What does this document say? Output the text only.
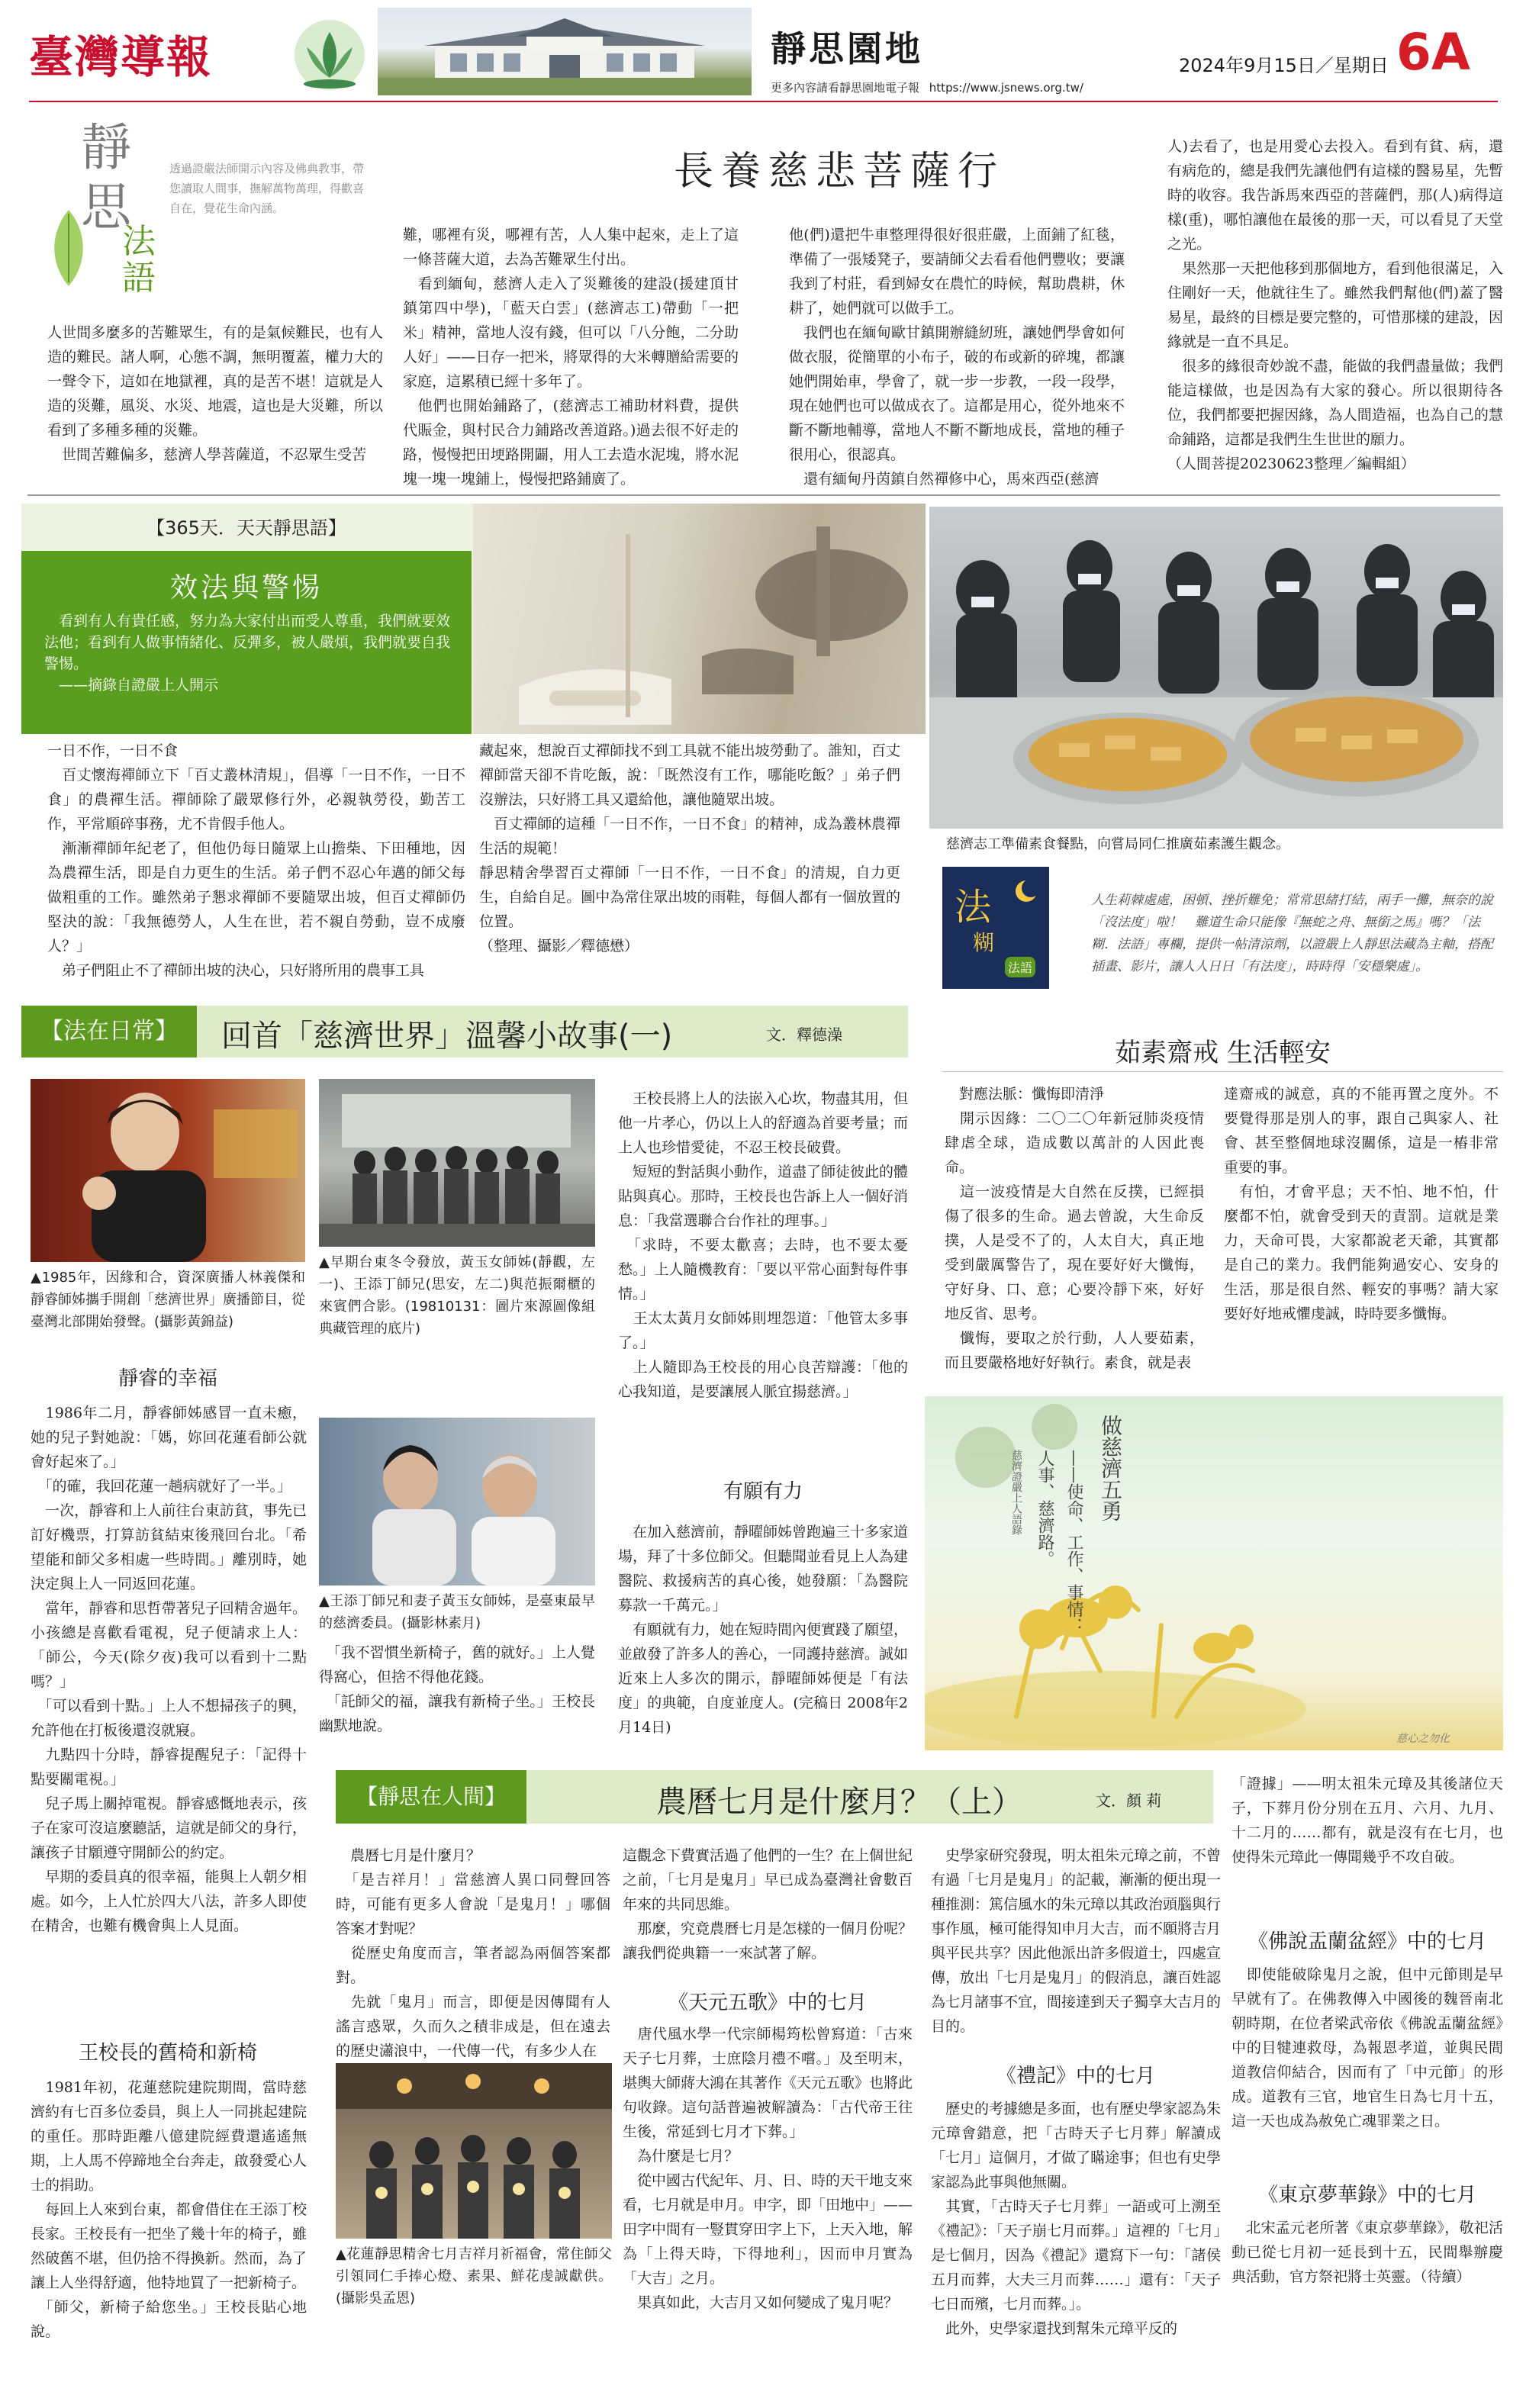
臺灣導報	靜思園地
更多內容請看靜思園地電子報 https://www.jsnews.org.tw/
2024年9月15日／星期日 6A
靜
思
法
語
透過證嚴法師開示內容及佛典教事，帶您讀取人間事，撫解萬物萬理，得歡喜自在，覺花生命內涵。
長養慈悲菩薩行
人世間多麼多的苦難眾生，有的是氣候難民，也有人造的難民。諸人啊，心態不調，無明覆蓋，權力大的一聲令下，這如在地獄裡，真的是苦不堪！這就是人造的災難，風災、水災、地震，這也是大災難，所以看到了多種多種的災難。
　世間苦難偏多，慈濟人學菩薩道，不忍眾生受苦
難，哪裡有災，哪裡有苦，人人集中起來，走上了這一條菩薩大道，去為苦難眾生付出。
　看到緬甸，慈濟人走入了災難後的建設(援建頂甘鎮第四中學)，「藍天白雲」(慈濟志工)帶動「一把米」精神，當地人沒有錢，但可以「八分飽，二分助人好」——日存一把米，將眾得的大米轉贈給需要的家庭，這累積已經十多年了。
　他們也開始鋪路了，(慈濟志工補助材料費，提供代賑金，與村民合力鋪路改善道路。)過去很不好走的路，慢慢把田埂路開闢，用人工去造水泥塊，將水泥塊一塊一塊鋪上，慢慢把路鋪廣了。
他(們)還把牛車整理得很好很莊嚴，上面鋪了紅毯，準備了一張矮凳子，要請師父去看看他們豐收；要讓我到了村莊，看到婦女在農忙的時候，幫助農耕，休耕了，她們就可以做手工。
　我們也在緬甸歐甘鎮開辦縫紉班，讓她們學會如何做衣服，從簡單的小布子，破的布或新的碎塊，都讓她們開始車，學會了，就一步一步教，一段一段學，現在她們也可以做成衣了。這都是用心，從外地來不斷不斷地輔導，當地人不斷不斷地成長，當地的種子很用心，很認真。
　還有緬甸丹茵鎮自然禪修中心，馬來西亞(慈濟
人)去看了，也是用愛心去投入。看到有貧、病，還有病危的，總是我們先讓他們有這樣的醫易星，先暫時的收容。我告訴馬來西亞的菩薩們，那(人)病得這樣(重)，哪怕讓他在最後的那一天，可以看見了天堂之光。
　果然那一天把他移到那個地方，看到他很滿足，入住剛好一天，他就往生了。雖然我們幫他(們)蓋了醫易星，最終的目標是要完整的，可惜那樣的建設，因緣就是一直不具足。
　很多的緣很奇妙說不盡，能做的我們盡量做；我們能這樣做，也是因為有大家的發心。所以很期待各位，我們都要把握因緣，為人間造福，也為自己的慧命鋪路，這都是我們生生世世的願力。
（人間菩提20230623整理／編輯組）
【365天．天天靜思語】
效法與警惕
　看到有人有貴任感，努力為大家付出而受人尊重，我們就要效法他；看到有人做事情緒化、反彈多，被人嚴煩，我們就要自我警惕。
　——摘錄自證嚴上人開示
一日不作，一日不食
　百丈懷海禪師立下「百丈叢林清規」，倡導「一日不作，一日不食」的農禪生活。禪師除了嚴眾修行外，必親執勞役，勤苦工作，平常順碎事務，尤不肯假手他人。
　漸漸禪師年紀老了，但他仍每日隨眾上山擔柴、下田種地，因為農禪生活，即是自力更生的生活。弟子們不忍心年邁的師父每做粗重的工作。雖然弟子懇求禪師不要隨眾出坡，但百丈禪師仍堅決的說：「我無德勞人，人生在世，若不親自勞動，豈不成廢人？」
　弟子們阻止不了禪師出坡的決心，只好將所用的農事工具
藏起來，想說百丈禪師找不到工具就不能出坡勞動了。誰知，百丈禪師當天卻不肯吃飯，說：「既然沒有工作，哪能吃飯？」弟子們沒辦法，只好將工具又還給他，讓他隨眾出坡。
　百丈禪師的這種「一日不作，一日不食」的精神，成為叢林農禪生活的規範！
靜思精舍學習百丈禪師「一日不作，一日不食」的清規，自力更生，自給自足。圖中為常住眾出坡的雨鞋，每個人都有一個放置的位置。
（整理、攝影／釋德懋）
慈濟志工準備素食餐點，向嘗局同仁推廣茹素護生觀念。
法
糊
法語
人生莉棘處處，困頓、挫折難免；常常思緒打結，兩手一攤，無奈的說「沒法度」啦！　難道生命只能像『無蛇之舟、無銜之馬』嗎？「法糊．法語」專欄，提供一帖清涼劑，以證嚴上人靜思法藏為主軸，搭配插畫、影片，讓人人日日「有法度」，時時得「安穩樂處」。
茹素齋戒 生活輕安
　對應法脈：懺悔即清淨
　開示因緣：二〇二〇年新冠肺炎疫情肆虐全球，造成數以萬計的人因此喪命。
　這一波疫情是大自然在反撲，已經損傷了很多的生命。過去曾說，大生命反撲，人是受不了的，人太自大，真正地受到嚴厲警告了，現在要好好大懺悔，守好身、口、意；心要冷靜下來，好好地反省、思考。
　懺悔，要取之於行動，人人要茹素，而且要嚴格地好好執行。素食，就是表
達齋戒的誠意，真的不能再置之度外。不要覺得那是別人的事，跟自己與家人、社會、甚至整個地球沒關係，這是一樁非常重要的事。
　有怕，才會平息；天不怕、地不怕，什麼都不怕，就會受到天的責罰。這就是業力，天命可畏，大家都說老天爺，其實都是自己的業力。我們能夠過安心、安身的生活，那是很自然、輕安的事嗎？請大家要好好地戒懼虔誠，時時要多懺悔。
【法在日常】	回首「慈濟世界」溫馨小故事(一)	文．釋德澡
▲1985年，因緣和合，資深廣播人林義傑和靜睿師姊攜手開創「慈濟世界」廣播節目，從臺灣北部開始發聲。(攝影黃錦益)
▲早期台東冬令發放，黃玉女師姊(靜觀，左一)、王添丁師兄(思安，左二)與范振爾櫃的來賓們合影。(19810131：圖片來源圖像組典藏管理的底片)
▲王添丁師兄和妻子黃玉女師姊，是臺東最早的慈濟委員。(攝影林素月)
靜睿的幸福
　1986年二月，靜睿師姊感冒一直未癒，她的兒子對她說：「媽，妳回花蓮看師公就會好起來了。」
　「的確，我回花蓮一趟病就好了一半。」
　一次，靜睿和上人前往台東訪貧，事先已訂好機票，打算訪貧結束後飛回台北。「希望能和師父多相處一些時間。」離別時，她決定與上人一同返回花蓮。
　當年，靜睿和思哲帶著兒子回精舍過年。小孩總是喜歡看電視，兒子便請求上人：「師公，今天(除夕夜)我可以看到十二點嗎？」
　「可以看到十點。」上人不想掃孩子的興，允許他在打板後還沒就寢。
　九點四十分時，靜睿提醒兒子：「記得十點要關電視。」
　兒子馬上關掉電視。靜睿感慨地表示，孩子在家可沒這麼聽話，這就是師父的身行，讓孩子甘願遵守開師公的約定。
　早期的委員真的很幸福，能與上人朝夕相處。如今，上人忙於四大八法，許多人即使在精舍，也難有機會與上人見面。
王校長的舊椅和新椅
　1981年初，花蓮慈院建院期間，當時慈濟約有七百多位委員，與上人一同挑起建院的重任。那時距離八億建院經費還遙遙無期，上人馬不停蹄地全台奔走，啟發愛心人士的捐助。
　每回上人來到台東，都會借住在王添丁校長家。王校長有一把坐了幾十年的椅子，雖然破舊不堪，但仍捨不得換新。然而，為了讓上人坐得舒適，他特地買了一把新椅子。
　「師父，新椅子給您坐。」王校長貼心地說。
　「我不習慣坐新椅子，舊的就好。」上人覺得窩心，但捨不得他花錢。
　「託師父的福，讓我有新椅子坐。」王校長幽默地說。
　王校長將上人的法嵌入心坎，物盡其用，但他一片孝心，仍以上人的舒適為首要考量；而上人也珍惜愛徒，不忍王校長破費。
　短短的對話與小動作，道盡了師徒彼此的體貼與真心。那時，王校長也告訴上人一個好消息：「我當選聯合台作社的理事。」
　「求時，不要太歡喜；去時，也不要太憂愁。」上人隨機教育：「要以平常心面對每件事情。」
　王太太黃月女師姊則埋怨道：「他管太多事了。」
　上人隨即為王校長的用心良苦辯護：「他的心我知道，是要讓展人脈宜揚慈濟。」
有願有力
　在加入慈濟前，靜曜師姊曾跑遍三十多家道場，拜了十多位師父。但聽聞並看見上人為建醫院、救援病苦的真心後，她發願：「為醫院募款一千萬元。」
　有願就有力，她在短時間內便實踐了願望，並啟發了許多人的善心，一同護持慈濟。誠如近來上人多次的開示，靜曜師姊便是「有法度」的典範，自度並度人。(完稿日 2008年2月14日)
做慈濟五勇
——使命、工作、事情：
人事、慈濟路。
慈濟證嚴上人語錄
慈心之勿化
【靜思在人間】	農曆七月是什麼月？（上）	文．顏 莉
　農曆七月是什麼月？
　「是吉祥月！」當慈濟人異口同聲回答時，可能有更多人會說「是鬼月！」哪個答案才對呢？
　從歷史角度而言，筆者認為兩個答案都對。
　先就「鬼月」而言，即便是因傳聞有人謠言惑眾，久而久之積非成是，但在遠去的歷史瀟浪中，一代傳一代，有多少人在
▲花蓮靜思精舍七月吉祥月祈福會，常住師父引領同仁手捧心燈、素果、鮮花虔誠獻供。(攝影吳孟恩)
這觀念下費實活過了他們的一生？在上個世紀之前，「七月是鬼月」早已成為臺灣社會數百年來的共同思維。
　那麼，究竟農曆七月是怎樣的一個月份呢？讓我們從典籍一一來試著了解。
《天元五歌》中的七月
　唐代風水學一代宗師楊筠松曾寫道：「古來天子七月葬，士庶陰月禮不嚐。」及至明末，堪輿大師蔣大鴻在其著作《天元五歌》也將此句收錄。這句話普遍被解讀為：「古代帝王往生後，常延到七月才下葬。」
　為什麼是七月？
　從中國古代紀年、月、日、時的天干地支來看，七月就是申月。申字，即「田地中」——田字中間有一豎貫穿田字上下，上天入地，解為「上得天時，下得地利」，因而申月實為「大吉」之月。
　果真如此，大吉月又如何變成了鬼月呢？
　史學家研究發現，明太祖朱元璋之前，不曾有過「七月是鬼月」的記載，漸漸的便出現一種推測：篤信風水的朱元璋以其政治頭腦與行事作風，極可能得知申月大吉，而不願將吉月與平民共享？因此他派出許多假道士，四處宣傳，放出「七月是鬼月」的假消息，讓百姓認為七月諸事不宜，間接達到天子獨享大吉月的目的。
《禮記》中的七月
　歷史的考據總是多面，也有歷史學家認為朱元璋會錯意，把「古時天子七月葬」解讀成「七月」這個月，才做了瞞途事；但也有史學家認為此事與他無關。
　其實，「古時天子七月葬」一語或可上溯至《禮記》：「天子崩七月而葬。」這裡的「七月」是七個月，因為《禮記》還寫下一句：「諸侯五月而葬，大夫三月而葬……」還有：「天子七日而殯，七月而葬。」。
　此外，史學家還找到幫朱元璋平反的
「證據」——明太祖朱元璋及其後諸位天子，下葬月份分別在五月、六月、九月、十二月的……都有，就是沒有在七月，也使得朱元璋此一傳聞幾乎不攻自破。
《佛說盂蘭盆經》中的七月
　即使能破除鬼月之說，但中元節則是早早就有了。在佛教傳入中國後的魏晉南北朝時期，在位者梁武帝依《佛說盂蘭盆經》中的目犍連救母，為報恩孝道，並與民間道教信仰結合，因而有了「中元節」的形成。道教有三官，地官生日為七月十五，這一天也成為赦免亡魂罪業之日。
《東京夢華錄》中的七月
　北宋孟元老所著《東京夢華錄》，敬祀活動已從七月初一延長到十五，民間舉辦慶典活動，官方祭祀將士英靈。（待續）
